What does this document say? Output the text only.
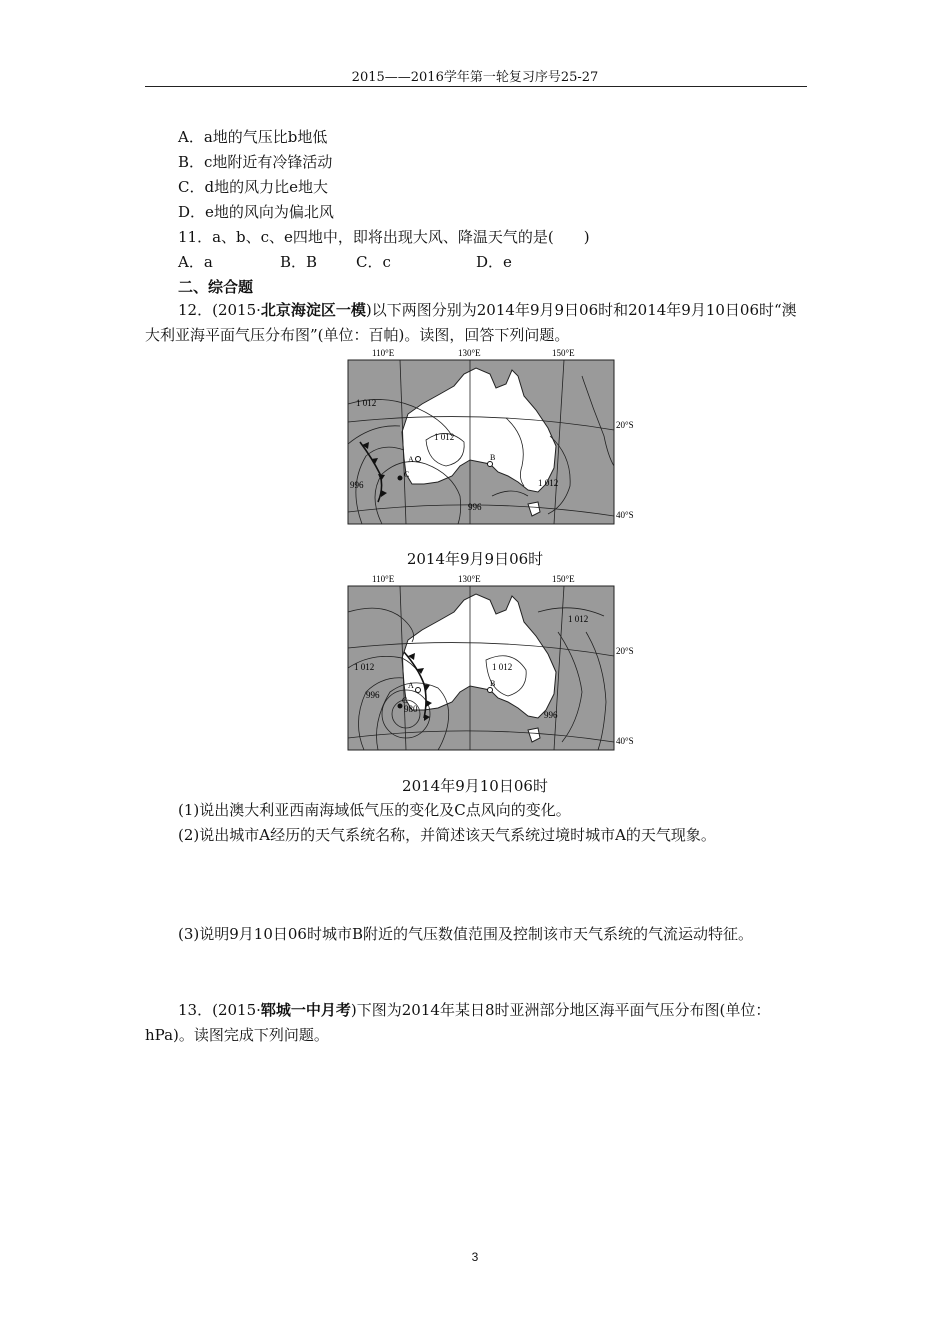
2015——2016学年第一轮复习序号25-27
A．a地的气压比b地低
B．c地附近有冷锋活动
C．d地的风力比e地大
D．e地的风向为偏北风
11．a、b、c、e四地中，即将出现大风、降温天气的是(　　)
A．a	B．B	C．c	D．e
二、综合题
12．(2015·北京海淀区一模)以下两图分别为2014年9月9日06时和2014年9月10日06时“澳大利亚海平面气压分布图”(单位：百帕)。读图，回答下列问题。
110°E	130°E	150°E
20°S
40°S
1 012
1 012
1 012
996
996
A	B
C
2014年9月9日06时
110°E	130°E	150°E
20°S
40°S
1 012
1 012
1 012
996
980
996
A	B
C
2014年9月10日06时
(1)说出澳大利亚西南海域低气压的变化及C点风向的变化。
(2)说出城市A经历的天气系统名称，并简述该天气系统过境时城市A的天气现象。
(3)说明9月10日06时城市B附近的气压数值范围及控制该市天气系统的气流运动特征。
13．(2015·郓城一中月考)下图为2014年某日8时亚洲部分地区海平面气压分布图(单位：hPa)。读图完成下列问题。
3
